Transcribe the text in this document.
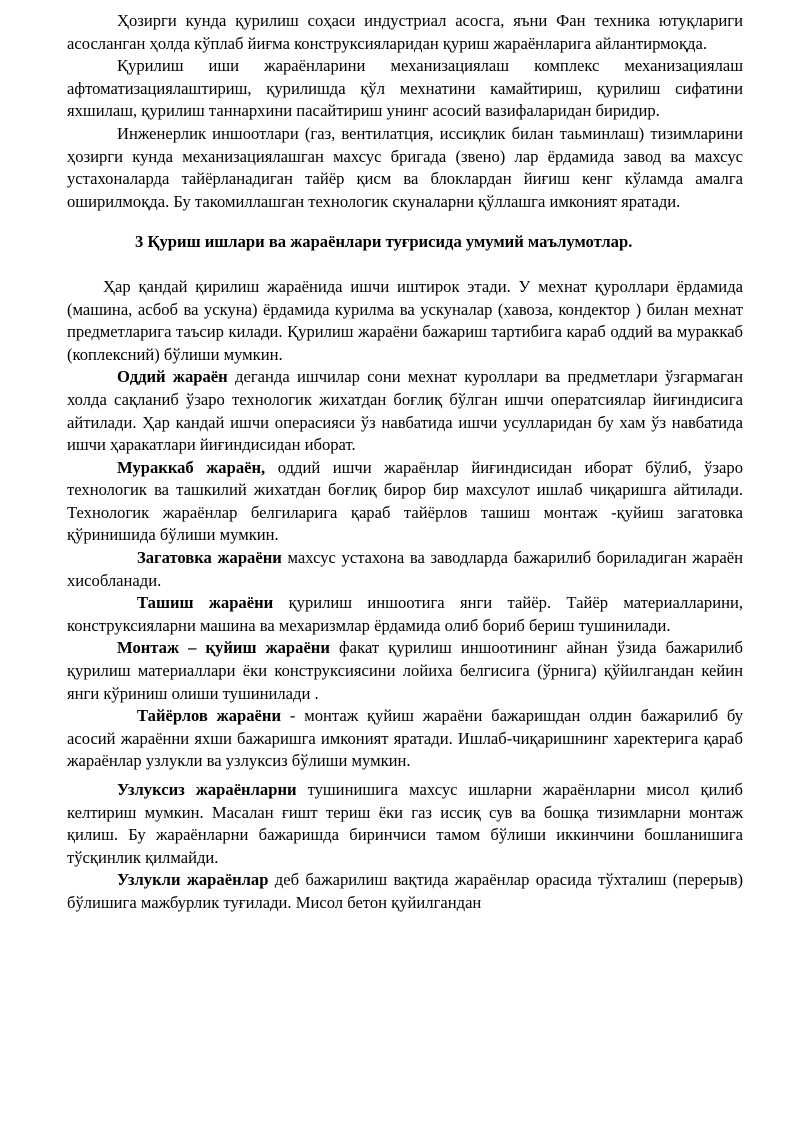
Ҳозирги кунда қурилиш соҳаси индустриал асосга, яъни Фан техника ютуқлариги асосланган ҳолда кўплаб йиғма конструксияларидан қуриш жараёнларига айлантирмоқда.

Қурилиш иши жараёнларини механизациялаш комплекс механизациялаш афтоматизациялаштириш, қурилишда қўл мехнатини камайтириш, қурилиш сифатини яхшилаш, қурилиш таннархини пасайтириш унинг асосий вазифаларидан биридир.

Инженерлик иншоотлари (газ, вентилатция, иссиқлик билан таьминлаш) тизимларини ҳозирги кунда механизациялашган махсус бригада (звено) лар ёрдамида завод ва махсус устахоналарда тайёрланадиган тайёр қисм ва блоклардан йиғиш кенг кўламда амалга оширилмоқда. Бу такомиллашган технологик скуналарни қўллашга имконият яратади.

3 Қуриш ишлари ва жараёнлари туғрисида умумий маълумотлар.

Ҳар қандай қирилиш жараёнида ишчи иштирок этади. У мехнат қуроллари ёрдамида (машина, асбоб ва ускуна) ёрдамида курилма ва ускуналар (хавоза, кондектор ) билан мехнат предметларига таъсир килади. Қурилиш жараёни бажариш тартибига караб оддий ва мураккаб (коплексний) бўлиши мумкин.

Оддий жараён деганда ишчилар сони мехнат куроллари ва предметлари ўзгармаган холда сақланиб ўзаро технологик жихатдан боғлиқ бўлган ишчи оператсиялар йиғиндисига айтилади. Ҳар кандай ишчи операсияси ўз навбатида ишчи усулларидан бу хам ўз навбатида ишчи ҳаракатлари йиғиндисидан иборат.

Мураккаб жараён, оддий ишчи жараёнлар йиғиндисидан иборат бўлиб, ўзаро технологик ва ташкилий жихатдан боғлиқ бирор бир махсулот ишлаб чиқаришга айтилади. Технологик жараёнлар белгиларига қараб тайёрлов ташиш монтаж -қуйиш загатовка қўринишида бўлиши мумкин.

Загатовка жараёни махсус устахона ва заводларда бажарилиб бориладиган жараён хисобланади.

Ташиш жараёни қурилиш иншоотига янги тайёр. Тайёр материалларини, конструксияларни машина ва мехаризмлар ёрдамида олиб бориб бериш тушинилади.

Монтаж – қуйиш жараёни факат қурилиш иншоотининг айнан ўзида бажарилиб қурилиш материаллари ёки конструксиясини лойиха белгисига (ўрнига) қўйилгандан кейин янги кўриниш олиши тушинилади .

Тайёрлов жараёни - монтаж қуйиш жараёни бажаришдан олдин бажарилиб бу асосий жараённи яхши бажаришга имконият яратади. Ишлаб-чиқаришнинг харектерига қараб жараёнлар узлукли ва узлуксиз бўлиши мумкин.

Узлуксиз жараёнларни тушинишига махсус ишларни жараёнларни мисол қилиб келтириш мумкин. Масалан ғишт териш ёки газ иссиқ сув ва бошқа тизимларни монтаж қилиш. Бу жараёнларни бажаришда биринчиси тамом бўлиши иккинчини бошланишига тўсқинлик қилмайди.

Узлукли жараёнлар деб бажарилиш вақтида жараёнлар орасида тўхталиш (перерыв) бўлишига мажбурлик туғилади. Мисол бетон қуйилгандан
